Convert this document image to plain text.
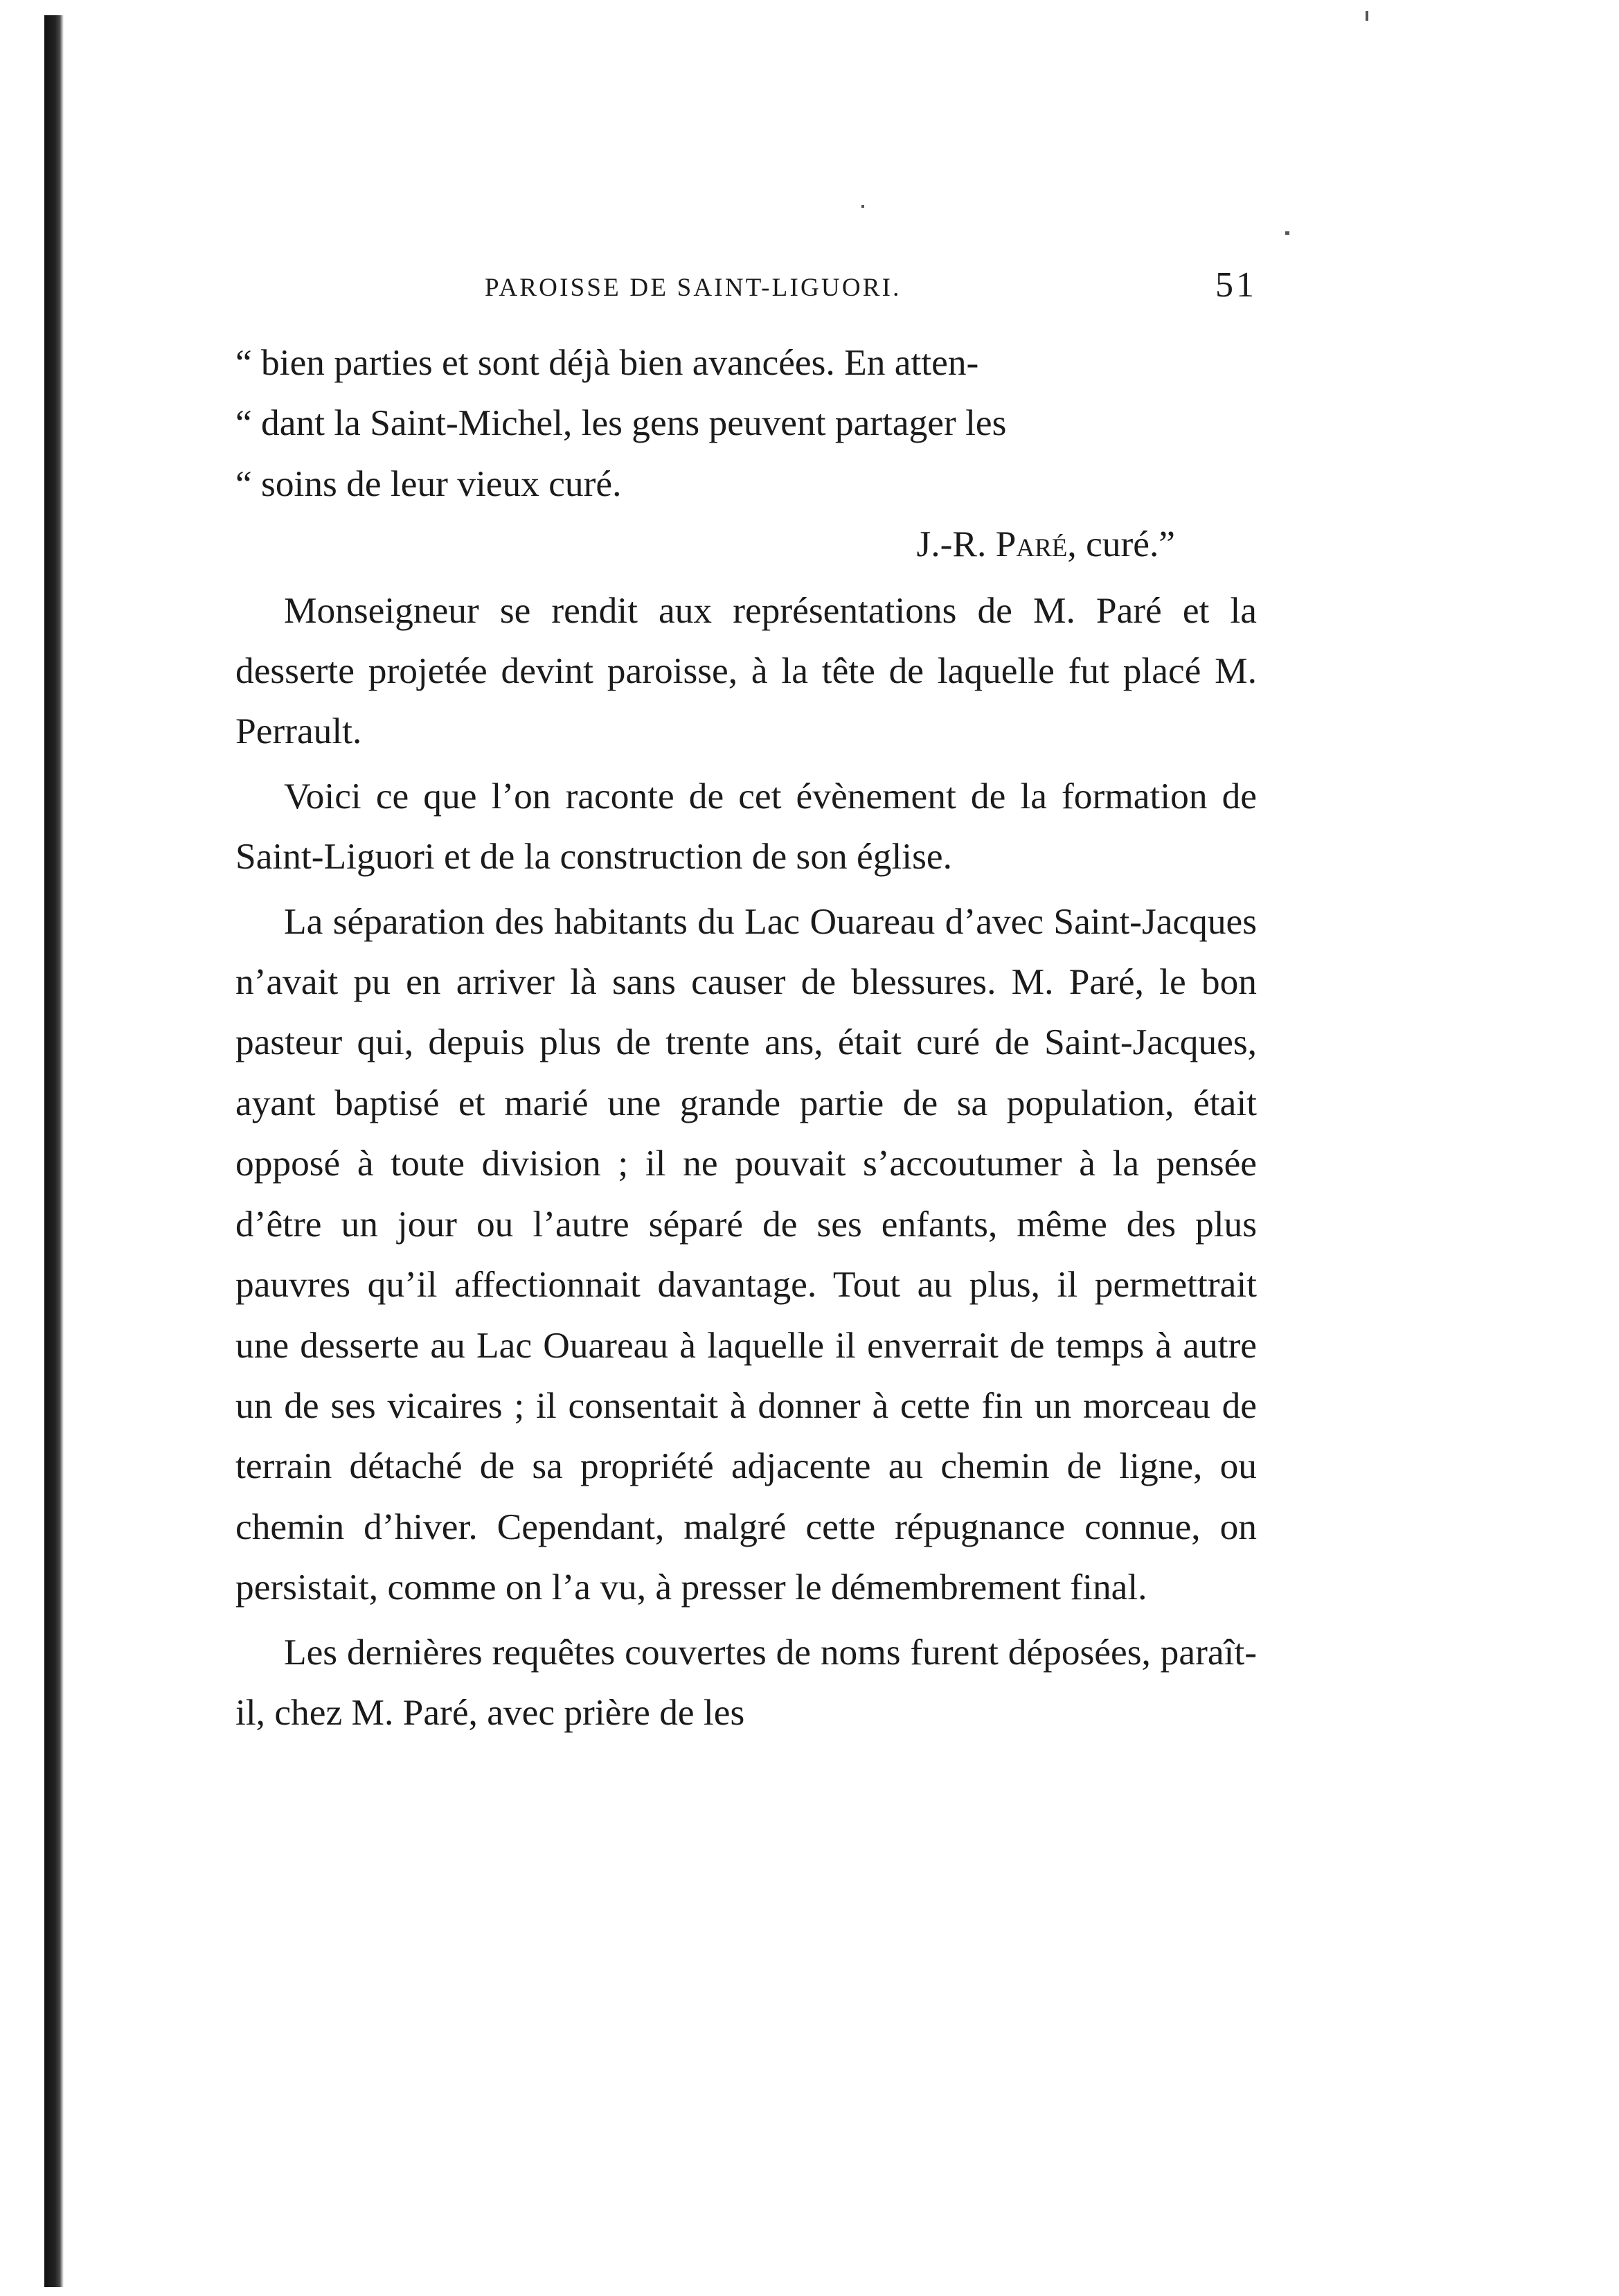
PAROISSE DE SAINT-LIGUORI.	51

“ bien parties et sont déjà bien avancées. En atten-

“ dant la Saint-Michel, les gens peuvent partager les

“ soins de leur vieux curé.

J.-R. Paré, curé.”

Monseigneur se rendit aux représentations de M. Paré et la desserte projetée devint paroisse, à la tête de laquelle fut placé M. Perrault.

Voici ce que l’on raconte de cet évènement de la formation de Saint-Liguori et de la construction de son église.

La séparation des habitants du Lac Ouareau d’avec Saint-Jacques n’avait pu en arriver là sans causer de blessures. M. Paré, le bon pasteur qui, depuis plus de trente ans, était curé de Saint-Jacques, ayant baptisé et marié une grande partie de sa population, était opposé à toute division ; il ne pouvait s’accoutumer à la pensée d’être un jour ou l’autre séparé de ses enfants, même des plus pauvres qu’il affectionnait davantage. Tout au plus, il permettrait une desserte au Lac Ouareau à laquelle il enverrait de temps à autre un de ses vicaires ; il consentait à donner à cette fin un morceau de terrain détaché de sa propriété adjacente au chemin de ligne, ou chemin d’hiver. Cependant, malgré cette répugnance connue, on persistait, comme on l’a vu, à presser le démembrement final.

Les dernières requêtes couvertes de noms furent déposées, paraît-il, chez M. Paré, avec prière de les
